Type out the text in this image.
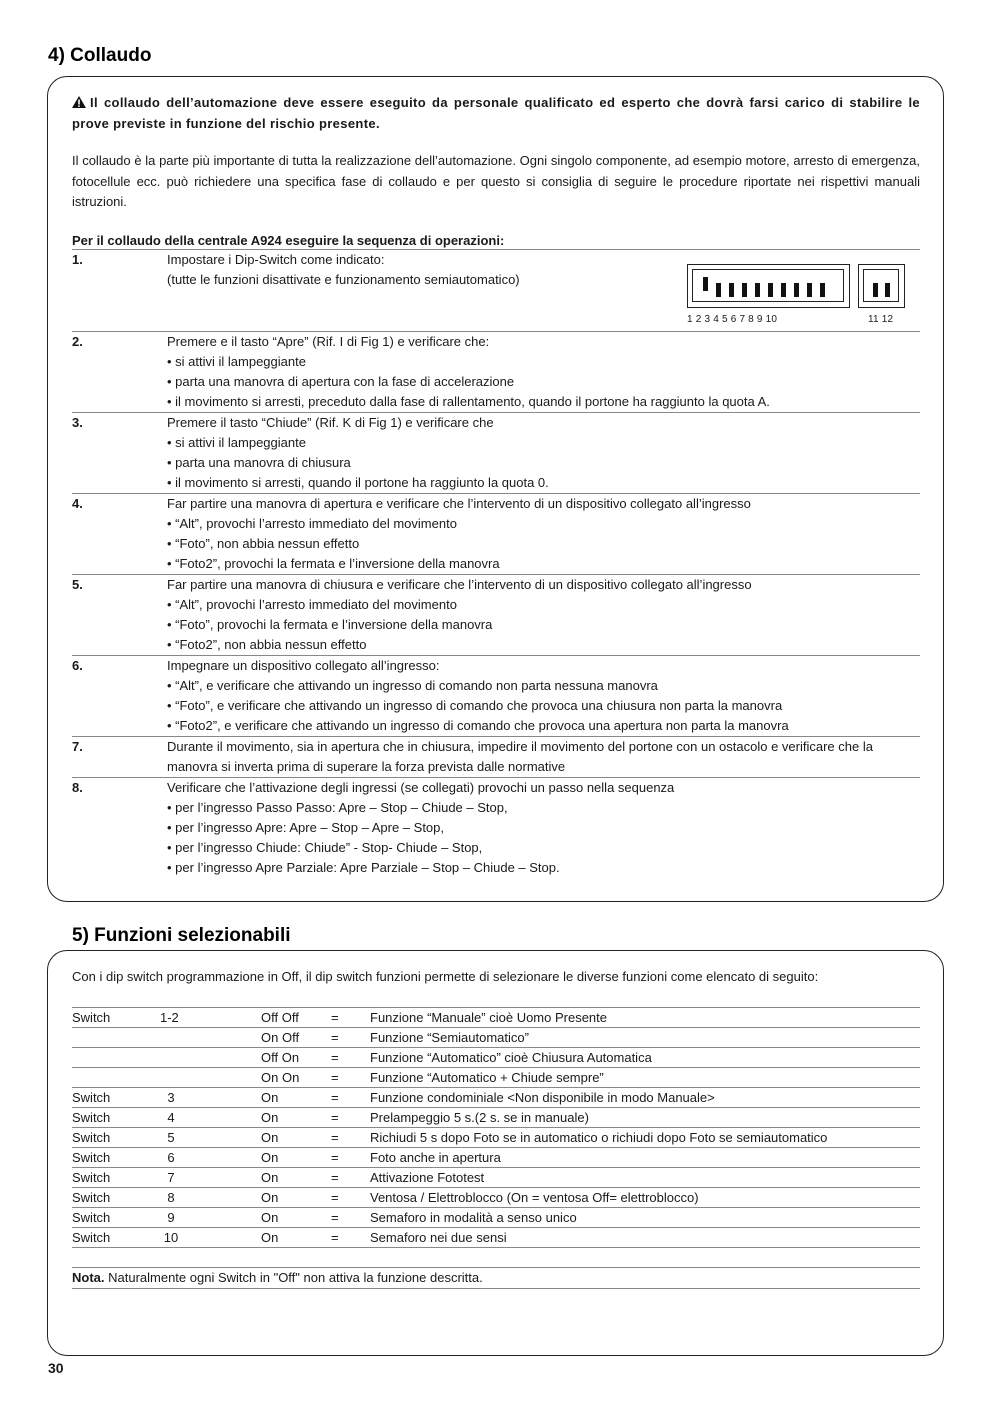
4) Collaudo

Il collaudo dell’automazione deve essere eseguito da personale qualificato ed esperto che dovrà farsi carico di stabilire le prove previste in funzione del rischio presente.

Il collaudo è la parte più importante di tutta la realizzazione dell’automazione. Ogni singolo componente, ad esempio motore, arresto di emergenza, fotocellule ecc. può richiedere una specifica fase di collaudo e per questo si consiglia di seguire le procedure riportate nei rispettivi manuali istruzioni.

Per il collaudo della centrale A924 eseguire la sequenza di operazioni:

1.	Impostare i Dip-Switch come indicato:
(tutte le funzioni disattivate e funzionamento semiautomatico)
1 2 3 4 5 6 7 8 9 10	11 12
2.	Premere e il tasto “Apre” (Rif. I di Fig 1) e verificare che:
• si attivi il lampeggiante
• parta una manovra di apertura con la fase di accelerazione
• il movimento si arresti, preceduto dalla fase di rallentamento, quando il portone ha raggiunto la quota A.
3.	Premere il tasto “Chiude” (Rif. K di Fig 1) e verificare che
• si attivi il lampeggiante
• parta una manovra di chiusura
• il movimento si arresti, quando il portone ha raggiunto la quota 0.
4.	Far partire una manovra di apertura e verificare che l’intervento di un dispositivo collegato all’ingresso
• “Alt”, provochi l’arresto immediato del movimento
• “Foto”, non abbia nessun effetto
• “Foto2”, provochi la fermata e l’inversione della manovra
5.	Far partire una manovra di chiusura e verificare che l’intervento di un dispositivo collegato all’ingresso
• “Alt”, provochi l’arresto immediato del movimento
• “Foto”, provochi la fermata e l’inversione della manovra
• “Foto2”, non abbia nessun effetto
6.	Impegnare un dispositivo collegato all’ingresso:
• “Alt”, e verificare che attivando un ingresso di comando non parta nessuna manovra
• “Foto”, e verificare che attivando un ingresso di comando che provoca una chiusura non parta la manovra
• “Foto2”, e verificare che attivando un ingresso di comando che provoca una apertura non parta la manovra
7.	Durante il movimento, sia in apertura che in chiusura, impedire il movimento del portone con un ostacolo e verificare che la
manovra si inverta prima di superare la forza prevista dalle normative
8.	Verificare che l’attivazione degli ingressi (se collegati) provochi un passo nella sequenza
• per l’ingresso Passo Passo: Apre – Stop – Chiude – Stop,
• per l’ingresso Apre: Apre – Stop – Apre – Stop,
• per l’ingresso Chiude: Chiude” - Stop- Chiude – Stop,
• per l’ingresso Apre Parziale: Apre Parziale – Stop – Chiude – Stop.
5) Funzioni selezionabili

Con i dip switch programmazione in Off, il dip switch funzioni permette di selezionare le diverse funzioni come elencato di seguito:

Switch	1-2	Off Off	=	Funzione “Manuale” cioè Uomo Presente
		On Off	=	Funzione “Semiautomatico”
		Off On	=	Funzione “Automatico” cioè Chiusura Automatica
		On On	=	Funzione “Automatico + Chiude sempre”
Switch	3	On	=	Funzione condominiale <Non disponibile in modo Manuale>
Switch	4	On	=	Prelampeggio 5 s.(2 s. se in manuale)
Switch	5	On	=	Richiudi 5 s dopo Foto se in automatico o richiudi dopo Foto se semiautomatico
Switch	6	On	=	Foto anche in apertura
Switch	7	On	=	Attivazione Fototest
Switch	8	On	=	Ventosa / Elettroblocco (On = ventosa Off= elettroblocco)
Switch	9	On	=	Semaforo in modalità a senso unico
Switch	10	On	=	Semaforo nei due sensi

Nota. Naturalmente ogni Switch in "Off" non attiva la funzione descritta.
30
